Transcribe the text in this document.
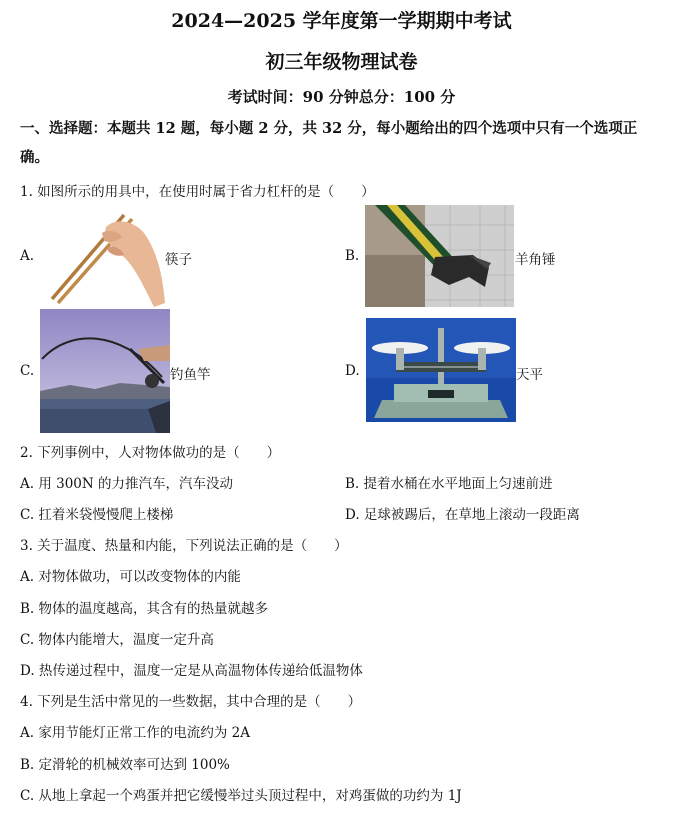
2024—2025 学年度第一学期期中考试
初三年级物理试卷
考试时间：90 分钟总分：100 分
一、选择题：本题共 12 题，每小题 2 分，共 32 分，每小题给出的四个选项中只有一个选项正
确。
1. 如图所示的用具中，在使用时属于省力杠杆的是（　　）
A.	筷子	B.	羊角锤
C.	钓鱼竿	D.	天平
2. 下列事例中，人对物体做功的是（　　）
A. 用 300N 的力推汽车，汽车没动	B. 提着水桶在水平地面上匀速前进
C. 扛着米袋慢慢爬上楼梯	D. 足球被踢后，在草地上滚动一段距离
3. 关于温度、热量和内能，下列说法正确的是（　　）
A. 对物体做功，可以改变物体的内能
B. 物体的温度越高，其含有的热量就越多
C. 物体内能增大，温度一定升高
D. 热传递过程中，温度一定是从高温物体传递给低温物体
4. 下列是生活中常见的一些数据，其中合理的是（　　）
A. 家用节能灯正常工作的电流约为 2A
B. 定滑轮的机械效率可达到 100%
C. 从地上拿起一个鸡蛋并把它缓慢举过头顶过程中，对鸡蛋做的功约为 1J
